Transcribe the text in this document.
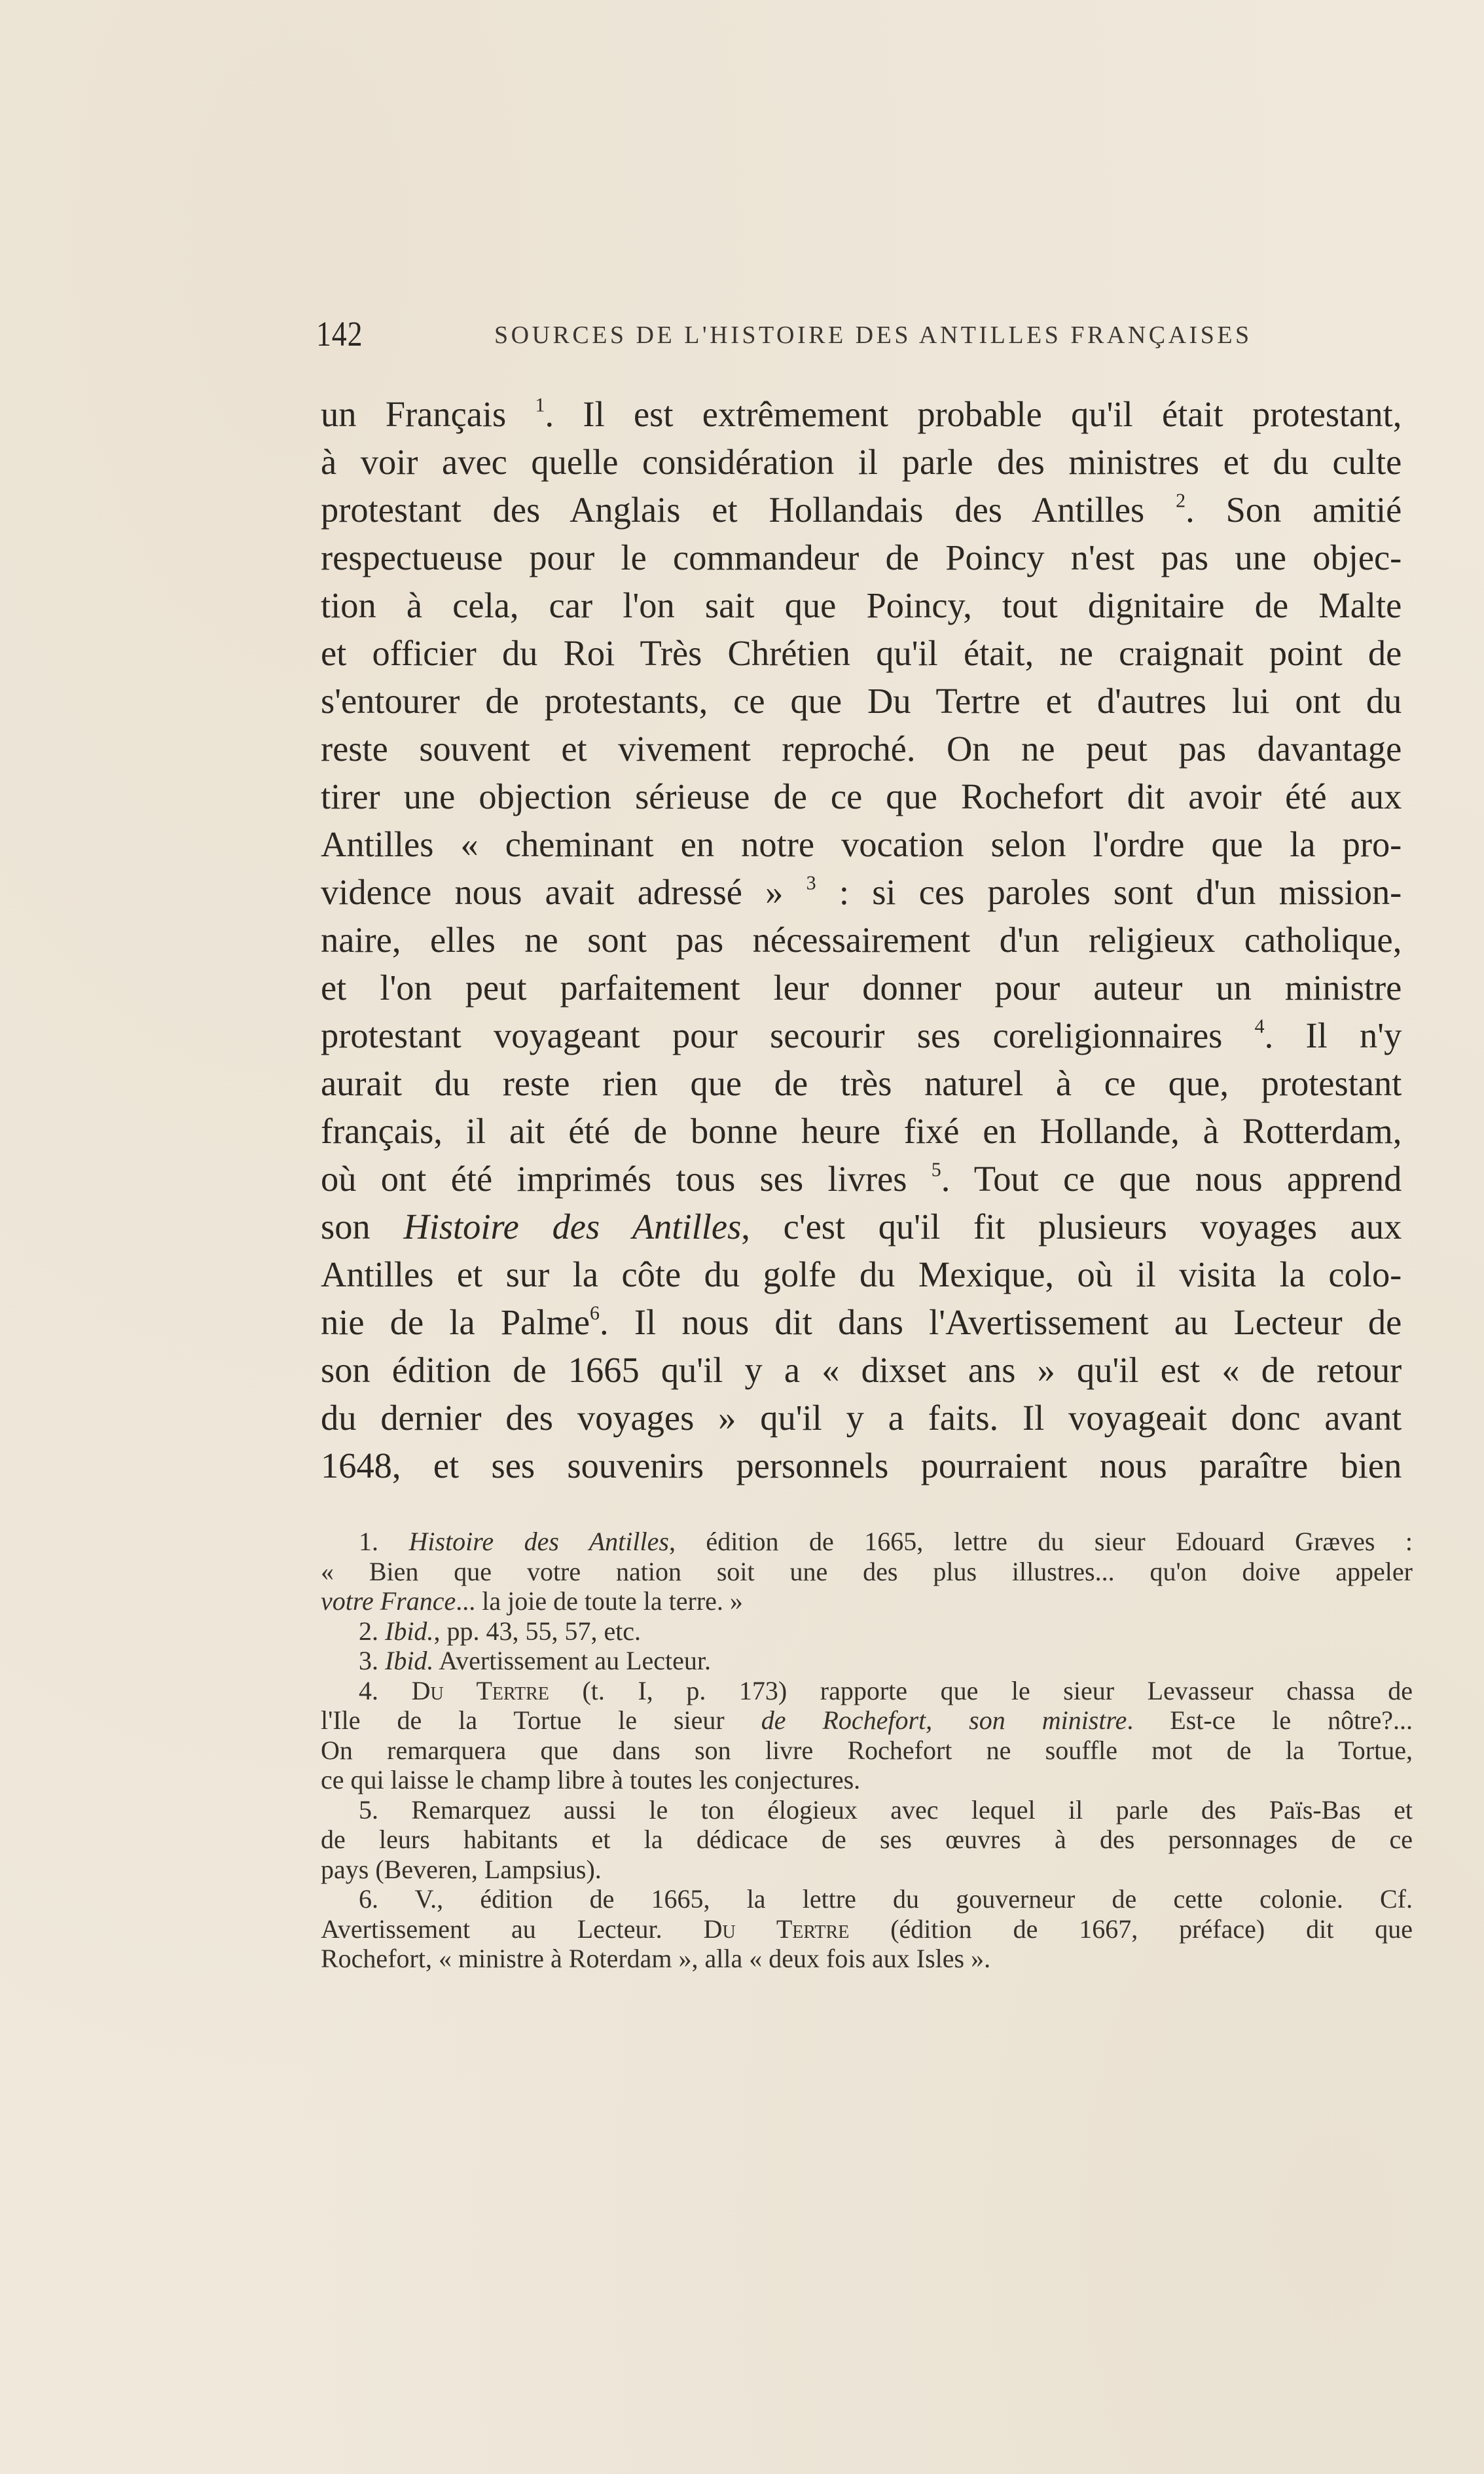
142	SOURCES DE L'HISTOIRE DES ANTILLES FRANÇAISES
un Français $^1$. Il est extrêmement probable qu'il était protestant,
à voir avec quelle considération il parle des ministres et du culte
protestant des Anglais et Hollandais des Antilles $^2$. Son amitié
respectueuse pour le commandeur de Poincy n'est pas une objec-
tion à cela, car l'on sait que Poincy, tout dignitaire de Malte
et officier du Roi Très Chrétien qu'il était, ne craignait point de
s'entourer de protestants, ce que Du Tertre et d'autres lui ont du
reste souvent et vivement reproché. On ne peut pas davantage
tirer une objection sérieuse de ce que Rochefort dit avoir été aux
Antilles « cheminant en notre vocation selon l'ordre que la pro-
vidence nous avait adressé » $^3$ : si ces paroles sont d'un mission-
naire, elles ne sont pas nécessairement d'un religieux catholique,
et l'on peut parfaitement leur donner pour auteur un ministre
protestant voyageant pour secourir ses coreligionnaires $^4$. Il n'y
aurait du reste rien que de très naturel à ce que, protestant
français, il ait été de bonne heure fixé en Hollande, à Rotterdam,
où ont été imprimés tous ses livres $^5$. Tout ce que nous apprend
son Histoire des Antilles, c'est qu'il fit plusieurs voyages aux
Antilles et sur la côte du golfe du Mexique, où il visita la colo-
nie de la Palme$^6$. Il nous dit dans l'Avertissement au Lecteur de
son édition de 1665 qu'il y a « dixset ans » qu'il est « de retour
du dernier des voyages » qu'il y a faits. Il voyageait donc avant
1648, et ses souvenirs personnels pourraient nous paraître bien
1. Histoire des Antilles, édition de 1665, lettre du sieur Edouard Græves :
« Bien que votre nation soit une des plus illustres... qu'on doive appeler
votre France... la joie de toute la terre. »
2. Ibid., pp. 43, 55, 57, etc.
3. Ibid. Avertissement au Lecteur.
4. Du Tertre (t. I, p. 173) rapporte que le sieur Levasseur chassa de
l'Ile de la Tortue le sieur de Rochefort, son ministre. Est-ce le nôtre?...
On remarquera que dans son livre Rochefort ne souffle mot de la Tortue,
ce qui laisse le champ libre à toutes les conjectures.
5. Remarquez aussi le ton élogieux avec lequel il parle des Païs-Bas et
de leurs habitants et la dédicace de ses œuvres à des personnages de ce
pays (Beveren, Lampsius).
6. V., édition de 1665, la lettre du gouverneur de cette colonie. Cf.
Avertissement au Lecteur. Du Tertre (édition de 1667, préface) dit que
Rochefort, « ministre à Roterdam », alla « deux fois aux Isles ».
